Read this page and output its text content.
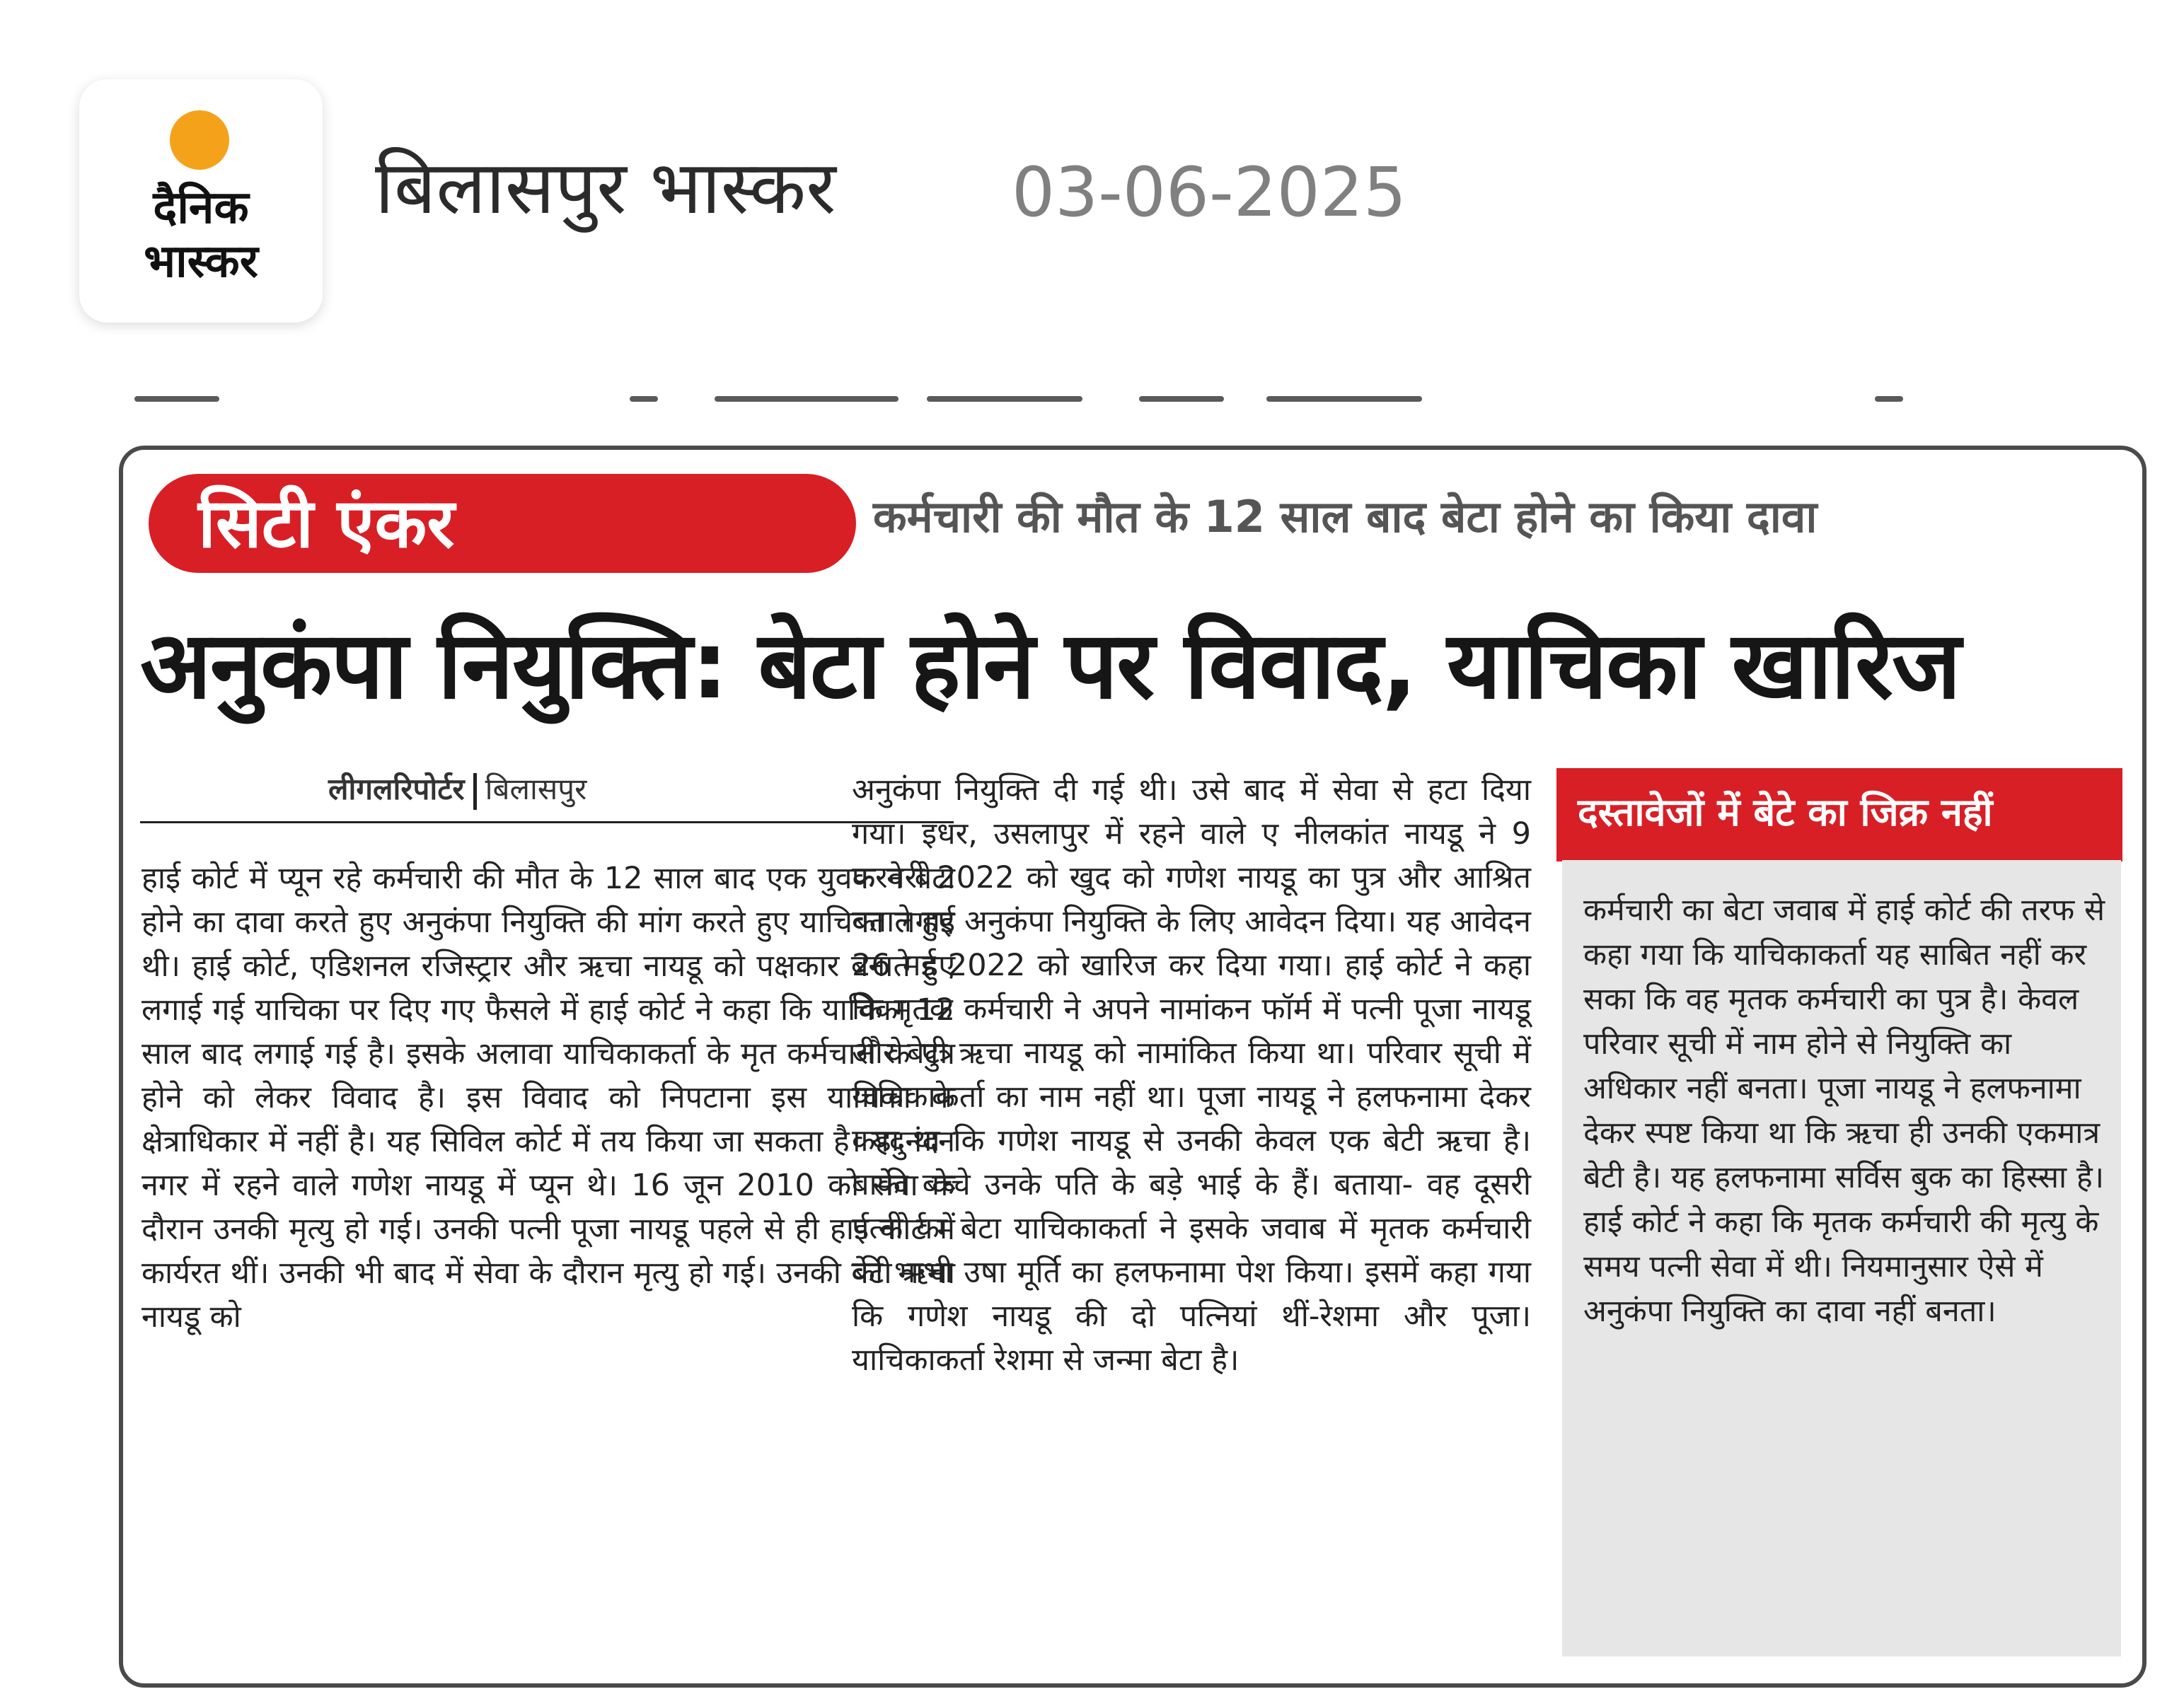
दैनिक
भास्कर
बिलासपुर भास्कर	03-06-2025
सिटी एंकर	कर्मचारी की मौत के 12 साल बाद बेटा होने का किया दावा
अनुकंपा नियुक्ति: बेटा होने पर विवाद, याचिका खारिज
लीगलरिपोर्टर बिलासपुर

हाई कोर्ट में प्यून रहे कर्मचारी की मौत के 12 साल बाद एक युवक ने बेटा होने का दावा करते हुए अनुकंपा नियुक्ति की मांग करते हुए याचिका लगाई थी। हाई कोर्ट, एडिशनल रजिस्ट्रार और ऋचा नायडू को पक्षकार बनाते हुए लगाई गई याचिका पर दिए गए फैसले में हाई कोर्ट ने कहा कि याचिका 12 साल बाद लगाई गई है। इसके अलावा याचिकाकर्ता के मृत कर्मचारी के पुत्र होने को लेकर विवाद है। इस विवाद को निपटाना इस याचिका के क्षेत्राधिकार में नहीं है। यह सिविल कोर्ट में तय किया जा सकता है। यदुनंदन नगर में रहने वाले गणेश नायडू में प्यून थे। 16 जून 2010 को सेवा के दौरान उनकी मृत्यु हो गई। उनकी पत्नी पूजा नायडू पहले से ही हाई कोर्ट में कार्यरत थीं। उनकी भी बाद में सेवा के दौरान मृत्यु हो गई। उनकी बेटी ऋचा नायडू को

अनुकंपा नियुक्ति दी गई थी। उसे बाद में सेवा से हटा दिया गया। इधर, उसलापुर में रहने वाले ए नीलकांत नायडू ने 9 फरवरी 2022 को खुद को गणेश नायडू का पुत्र और आश्रित बताते हुए अनुकंपा नियुक्ति के लिए आवेदन दिया। यह आवेदन 26 मई 2022 को खारिज कर दिया गया। हाई कोर्ट ने कहा कि मृतक कर्मचारी ने अपने नामांकन फॉर्म में पत्नी पूजा नायडू और बेटी ऋचा नायडू को नामांकित किया था। परिवार सूची में याचिकाकर्ता का नाम नहीं था। पूजा नायडू ने हलफनामा देकर कहा था कि गणेश नायडू से उनकी केवल एक बेटी ऋचा है। बाकी बच्चे उनके पति के बड़े भाई के हैं। बताया- वह दूसरी पत्नी का बेटा याचिकाकर्ता ने इसके जवाब में मृतक कर्मचारी की भाभी उषा मूर्ति का हलफनामा पेश किया। इसमें कहा गया कि गणेश नायडू की दो पत्नियां थीं-रेशमा और पूजा। याचिकाकर्ता रेशमा से जन्मा बेटा है।

दस्तावेजों में बेटे का जिक्र नहीं

कर्मचारी का बेटा जवाब में हाई कोर्ट की तरफ से कहा गया कि याचिकाकर्ता यह साबित नहीं कर सका कि वह मृतक कर्मचारी का पुत्र है। केवल परिवार सूची में नाम होने से नियुक्ति का अधिकार नहीं बनता। पूजा नायडू ने हलफनामा देकर स्पष्ट किया था कि ऋचा ही उनकी एकमात्र बेटी है। यह हलफनामा सर्विस बुक का हिस्सा है। हाई कोर्ट ने कहा कि मृतक कर्मचारी की मृत्यु के समय पत्नी सेवा में थी। नियमानुसार ऐसे में अनुकंपा नियुक्ति का दावा नहीं बनता।
